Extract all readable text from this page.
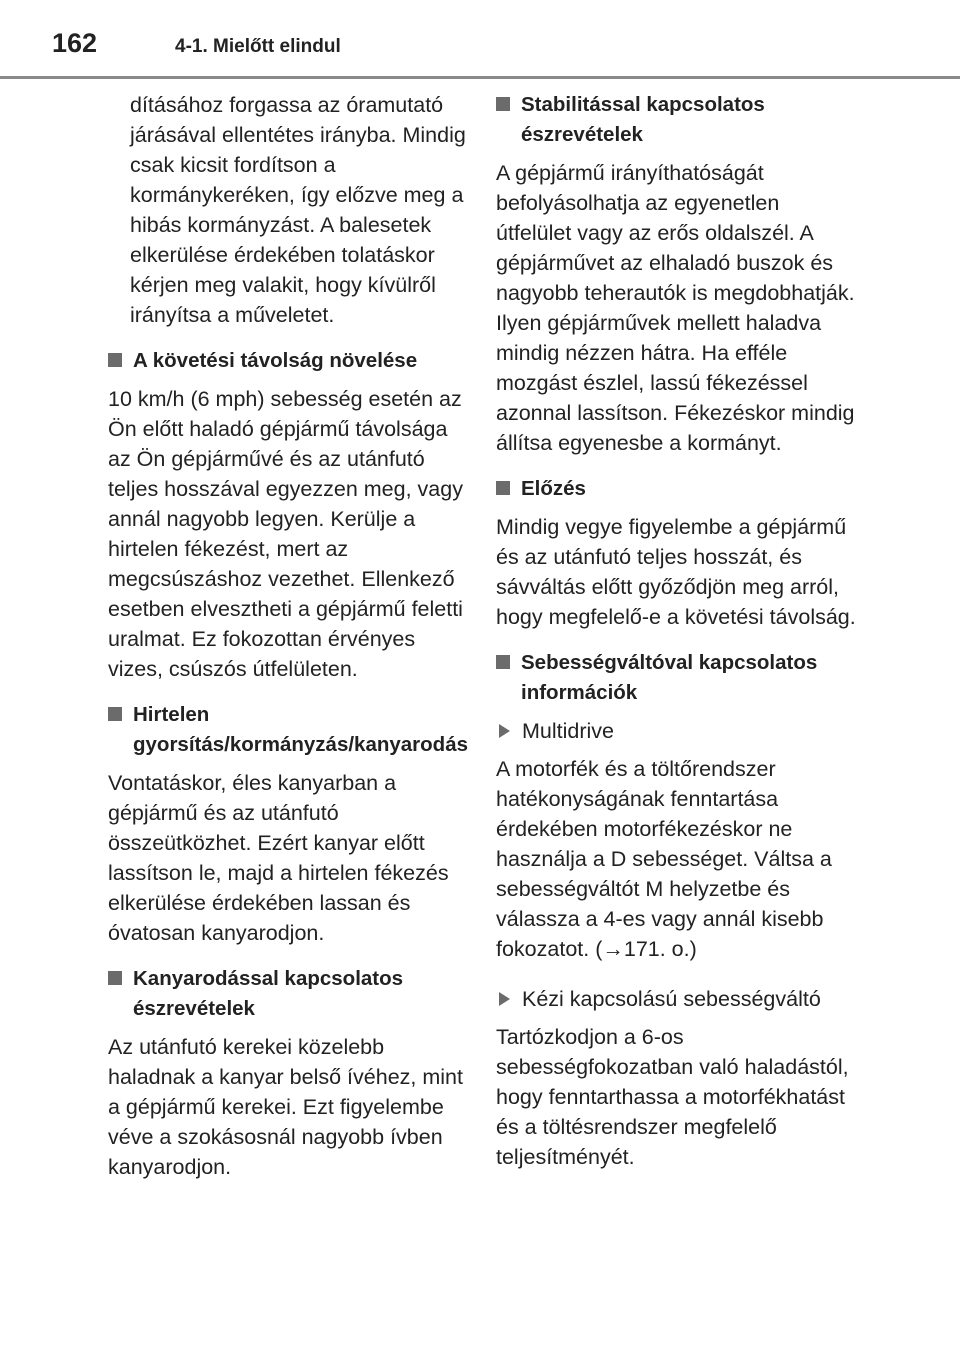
162	4-1. Mielőtt elindul

dításához forgassa az óramutató járásával ellentétes irányba. Mindig csak kicsit fordítson a kormánykeréken, így előzve meg a hibás kormányzást. A balesetek elkerülése érdekében tolatáskor kérjen meg valakit, hogy kívülről irányítsa a műveletet.

A követési távolság növelése

10 km/h (6 mph) sebesség esetén az Ön előtt haladó gépjármű távolsága az Ön gépjárművé és az utánfutó teljes hosszával egyezzen meg, vagy annál nagyobb legyen. Kerülje a hirtelen fékezést, mert az megcsúszáshoz vezethet. Ellenkező esetben elvesztheti a gépjármű feletti uralmat. Ez fokozottan érvényes vizes, csúszós útfelületen.

Hirtelen gyorsítás/kormányzás/kanyarodás

Vontatáskor, éles kanyarban a gépjármű és az utánfutó összeütközhet. Ezért kanyar előtt lassítson le, majd a hirtelen fékezés elkerülése érdekében lassan és óvatosan kanyarodjon.

Kanyarodással kapcsolatos észrevételek

Az utánfutó kerekei közelebb haladnak a kanyar belső ívéhez, mint a gépjármű kerekei. Ezt figyelembe véve a szokásosnál nagyobb ívben kanyarodjon.

Stabilitással kapcsolatos észrevételek

A gépjármű irányíthatóságát befolyásolhatja az egyenetlen útfelület vagy az erős oldalszél. A gépjárművet az elhaladó buszok és nagyobb teherautók is megdobhatják. Ilyen gépjárművek mellett haladva mindig nézzen hátra. Ha efféle mozgást észlel, lassú fékezéssel azonnal lassítson. Fékezéskor mindig állítsa egyenesbe a kormányt.

Előzés

Mindig vegye figyelembe a gépjármű és az utánfutó teljes hosszát, és sávváltás előtt győződjön meg arról, hogy megfelelő-e a követési távolság.

Sebességváltóval kapcsolatos információk
Multidrive

A motorfék és a töltőrendszer hatékonyságának fenntartása érdekében motorfékezéskor ne használja a D sebességet. Váltsa a sebességváltót M helyzetbe és válassza a 4-es vagy annál kisebb fokozatot. (→171. o.)

Kézi kapcsolású sebességváltó

Tartózkodjon a 6-os sebességfokozatban való haladástól, hogy fenntarthassa a motorfékhatást és a töltésrendszer megfelelő teljesítményét.
